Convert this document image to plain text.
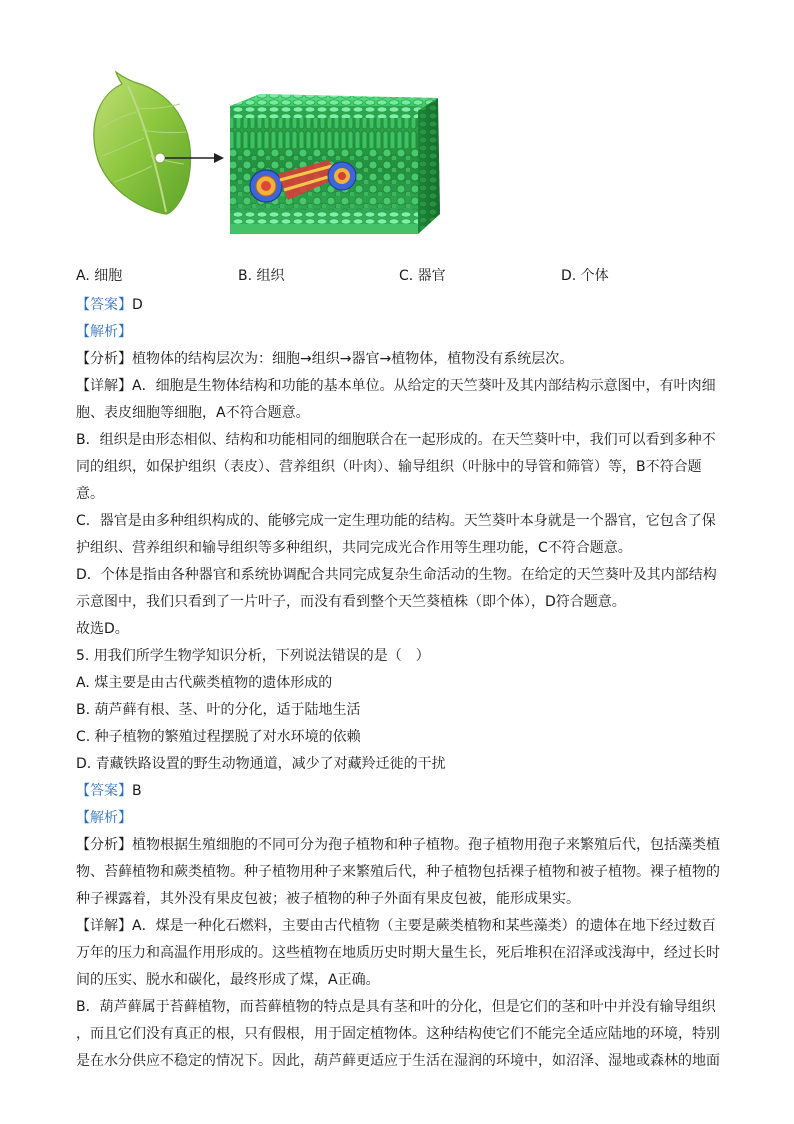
A. 细胞	B. 组织	C. 器官	D. 个体
【答案】D
【解析】
【分析】植物体的结构层次为：细胞→组织→器官→植物体，植物没有系统层次。
【详解】A．细胞是生物体结构和功能的基本单位。从给定的天竺葵叶及其内部结构示意图中，有叶肉细
胞、表皮细胞等细胞，A不符合题意。
B．组织是由形态相似、结构和功能相同的细胞联合在一起形成的。在天竺葵叶中，我们可以看到多种不
同的组织，如保护组织（表皮）、营养组织（叶肉）、输导组织（叶脉中的导管和筛管）等，B不符合题
意。
C．器官是由多种组织构成的、能够完成一定生理功能的结构。天竺葵叶本身就是一个器官，它包含了保
护组织、营养组织和输导组织等多种组织，共同完成光合作用等生理功能，C不符合题意。
D．个体是指由各种器官和系统协调配合共同完成复杂生命活动的生物。在给定的天竺葵叶及其内部结构
示意图中，我们只看到了一片叶子，而没有看到整个天竺葵植株（即个体），D符合题意。
故选D。
5. 用我们所学生物学知识分析，下列说法错误的是（　）
A. 煤主要是由古代蕨类植物的遗体形成的
B. 葫芦藓有根、茎、叶的分化，适于陆地生活
C. 种子植物的繁殖过程摆脱了对水环境的依赖
D. 青藏铁路设置的野生动物通道，减少了对藏羚迁徙的干扰
【答案】B
【解析】
【分析】植物根据生殖细胞的不同可分为孢子植物和种子植物。孢子植物用孢子来繁殖后代，包括藻类植
物、苔藓植物和蕨类植物。种子植物用种子来繁殖后代，种子植物包括裸子植物和被子植物。裸子植物的
种子裸露着，其外没有果皮包被；被子植物的种子外面有果皮包被，能形成果实。
【详解】A．煤是一种化石燃料，主要由古代植物（主要是蕨类植物和某些藻类）的遗体在地下经过数百
万年的压力和高温作用形成的。这些植物在地质历史时期大量生长，死后堆积在沼泽或浅海中，经过长时
间的压实、脱水和碳化，最终形成了煤，A正确。
B．葫芦藓属于苔藓植物，而苔藓植物的特点是具有茎和叶的分化，但是它们的茎和叶中并没有输导组织
，而且它们没有真正的根，只有假根，用于固定植物体。这种结构使它们不能完全适应陆地的环境，特别
是在水分供应不稳定的情况下。因此，葫芦藓更适应于生活在湿润的环境中，如沼泽、湿地或森林的地面
